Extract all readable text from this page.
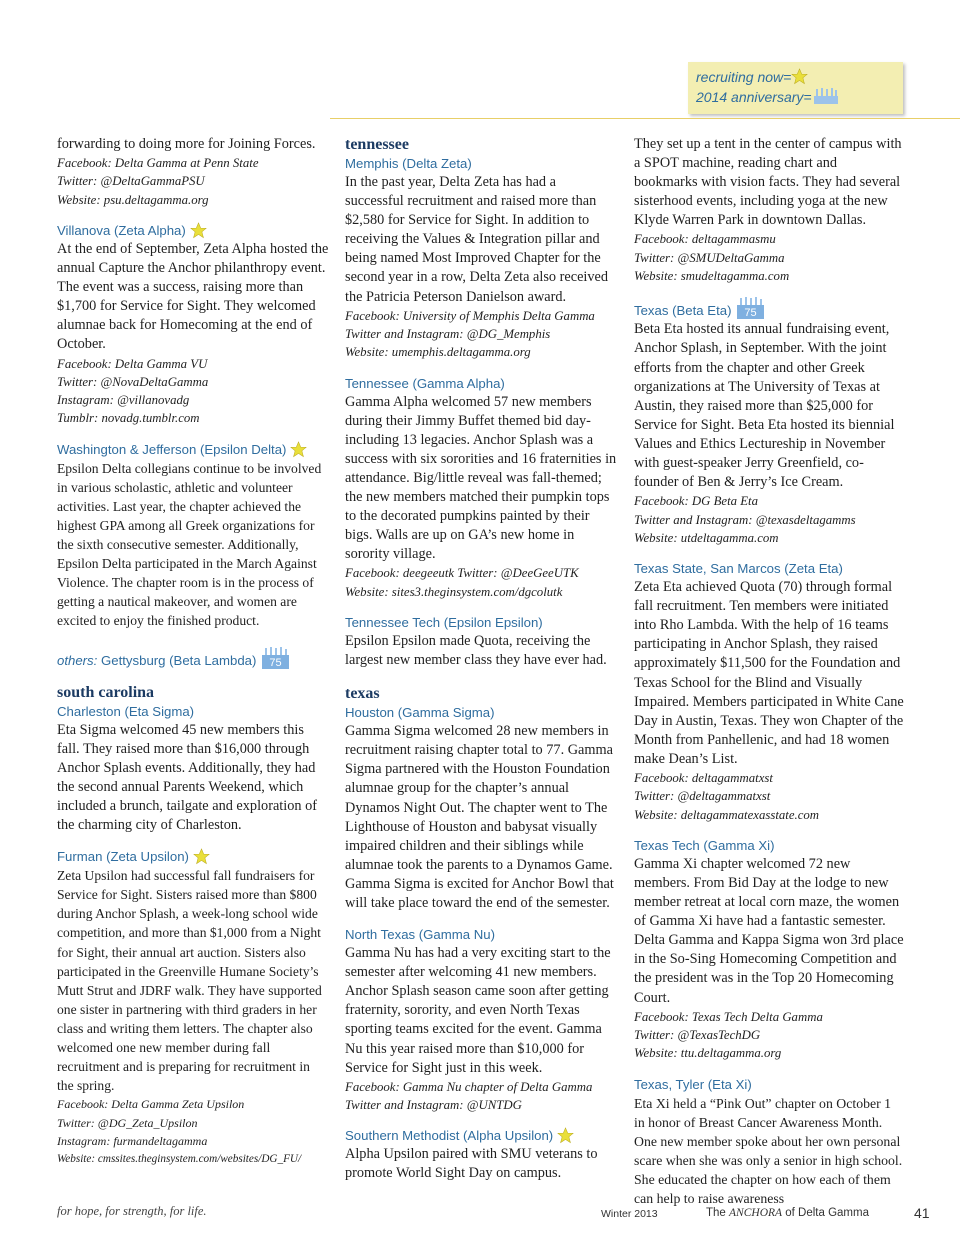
recruiting now=
2014 anniversary=

forwarding to doing more for Joining Forces.

Facebook: Delta Gamma at Penn State
Twitter: @DeltaGammaPSU
Website: psu.deltagamma.org
Villanova (Zeta Alpha)

At the end of September, Zeta Alpha hosted the annual Capture the Anchor philanthropy event. The event was a success, raising more than $1,700 for Service for Sight. They welcomed alumnae back for Homecoming at the end of October.

Facebook: Delta Gamma VU
Twitter: @NovaDeltaGamma
Instagram: @villanovadg
Tumblr: novadg.tumblr.com
Washington & Jefferson (Epsilon Delta)

Epsilon Delta collegians continue to be involved in various scholastic, athletic and volunteer activities. Last year, the chapter achieved the highest GPA among all Greek organizations for the sixth consecutive semester. Additionally, Epsilon Delta participated in the March Against Violence. The chapter room is in the process of getting a nautical makeover, and women are excited to enjoy the finished product.

others: Gettysburg (Beta Lambda) 75
south carolina
Charleston (Eta Sigma)

Eta Sigma welcomed 45 new members this fall. They raised more than $16,000 through Anchor Splash events. Additionally, they had the second annual Parents Weekend, which included a brunch, tailgate and exploration of the charming city of Charleston.

Furman (Zeta Upsilon)

Zeta Upsilon had successful fall fundraisers for Service for Sight. Sisters raised more than $800 during Anchor Splash, a week-long school wide competition, and more than $1,000 from a Night for Sight, their annual art auction. Sisters also participated in the Greenville Humane Society’s Mutt Strut and JDRF walk. They have supported one sister in partnering with third graders in her class and writing them letters. The chapter also welcomed one new member during fall recruitment and is preparing for recruitment in the spring.

Facebook: Delta Gamma Zeta Upsilon
Twitter: @DG_Zeta_Upsilon
Instagram: furmandeltagamma
Website: cmssites.theginsystem.com/websites/DG_FU/
tennessee
Memphis (Delta Zeta)

In the past year, Delta Zeta has had a successful recruitment and raised more than $2,580 for Service for Sight. In addition to receiving the Values & Integration pillar and being named Most Improved Chapter for the second year in a row, Delta Zeta also received the Patricia Peterson Danielson award.

Facebook: University of Memphis Delta Gamma
Twitter and Instagram: @DG_Memphis
Website: umemphis.deltagamma.org
Tennessee (Gamma Alpha)

Gamma Alpha welcomed 57 new members during their Jimmy Buffet themed bid day- including 13 legacies. Anchor Splash was a success with six sororities and 16 fraternities in attendance. Big/little reveal was fall-themed; the new members matched their pumpkin tops to the decorated pumpkins painted by their bigs. Walls are up on GA’s new home in sorority village.

Facebook: deegeeutk Twitter: @DeeGeeUTK
Website: sites3.theginsystem.com/dgcolutk
Tennessee Tech (Epsilon Epsilon)

Epsilon Epsilon made Quota, receiving the largest new member class they have ever had.

texas
Houston (Gamma Sigma)

Gamma Sigma welcomed 28 new members in recruitment raising chapter total to 77. Gamma Sigma partnered with the Houston Foundation alumnae group for the chapter’s annual Dynamos Night Out. The chapter went to The Lighthouse of Houston and babysat visually impaired children and their siblings while alumnae took the parents to a Dynamos Game. Gamma Sigma is excited for Anchor Bowl that will take place toward the end of the semester.

North Texas (Gamma Nu)

Gamma Nu has had a very exciting start to the semester after welcoming 41 new members. Anchor Splash season came soon after getting fraternity, sorority, and even North Texas sporting teams excited for the event. Gamma Nu this year raised more than $10,000 for Service for Sight just in this week.

Facebook: Gamma Nu chapter of Delta Gamma
Twitter and Instagram: @UNTDG
Southern Methodist (Alpha Upsilon)

Alpha Upsilon paired with SMU veterans to promote World Sight Day on campus.

They set up a tent in the center of campus with a SPOT machine, reading chart and bookmarks with vision facts. They had several sisterhood events, including yoga at the new Klyde Warren Park in downtown Dallas.

Facebook: deltagammasmu
Twitter: @SMUDeltaGamma
Website: smudeltagamma.com
Texas (Beta Eta) 75

Beta Eta hosted its annual fundraising event, Anchor Splash, in September. With the joint efforts from the chapter and other Greek organizations at The University of Texas at Austin, they raised more than $25,000 for Service for Sight. Beta Eta hosted its biennial Values and Ethics Lectureship in November with guest-speaker Jerry Greenfield, co-founder of Ben & Jerry’s Ice Cream.

Facebook: DG Beta Eta
Twitter and Instagram: @texasdeltagamms
Website: utdeltagamma.com
Texas State, San Marcos (Zeta Eta)

Zeta Eta achieved Quota (70) through formal fall recruitment. Ten members were initiated into Rho Lambda. With the help of 16 teams participating in Anchor Splash, they raised approximately $11,500 for the Foundation and Texas School for the Blind and Visually Impaired. Members participated in White Cane Day in Austin, Texas. They won Chapter of the Month from Panhellenic, and had 18 women make Dean’s List.

Facebook: deltagammatxst
Twitter: @deltagammatxst
Website: deltagammatexasstate.com
Texas Tech (Gamma Xi)

Gamma Xi chapter welcomed 72 new members. From Bid Day at the lodge to new member retreat at local corn maze, the women of Gamma Xi have had a fantastic semester. Delta Gamma and Kappa Sigma won 3rd place in the So-Sing Homecoming Competition and the president was in the Top 20 Homecoming Court.

Facebook: Texas Tech Delta Gamma
Twitter: @TexasTechDG
Website: ttu.deltagamma.org
Texas, Tyler (Eta Xi)

Eta Xi held a “Pink Out” chapter on October 1 in honor of Breast Cancer Awareness Month. One new member spoke about her own personal scare when she was only a senior in high school. She educated the chapter on how each of them can help to raise awareness

for hope, for strength, for life.	Winter 2013	The ANCHORA of Delta Gamma	41
